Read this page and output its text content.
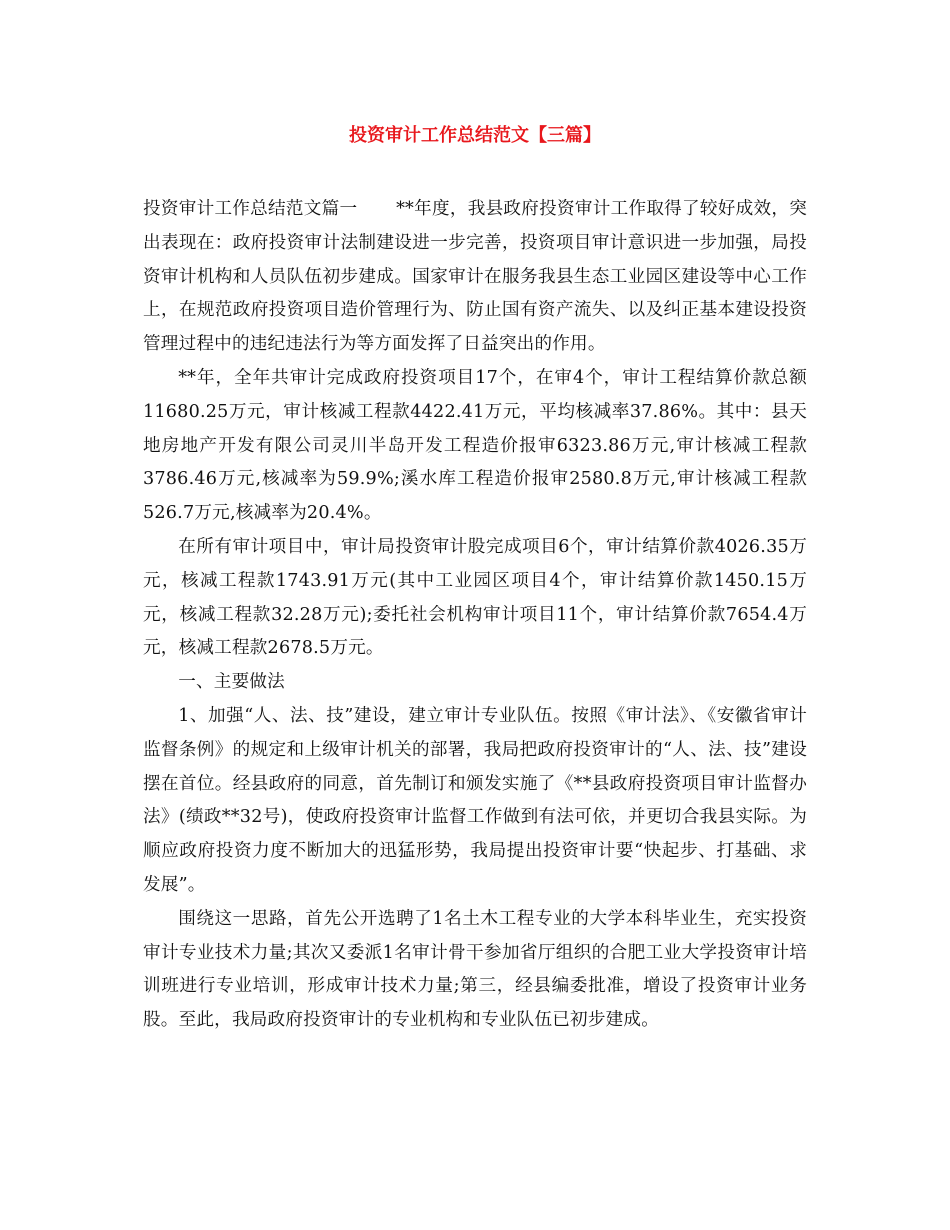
投资审计工作总结范文【三篇】

投资审计工作总结范文篇一 **年度，我县政府投资审计工作取得了较好成效，突出表现在：政府投资审计法制建设进一步完善，投资项目审计意识进一步加强，局投资审计机构和人员队伍初步建成。国家审计在服务我县生态工业园区建设等中心工作上，在规范政府投资项目造价管理行为、防止国有资产流失、以及纠正基本建设投资管理过程中的违纪违法行为等方面发挥了日益突出的作用。

**年，全年共审计完成政府投资项目17个，在审4个，审计工程结算价款总额11680.25万元，审计核减工程款4422.41万元，平均核减率37.86%。其中：县天地房地产开发有限公司灵川半岛开发工程造价报审6323.86万元,审计核减工程款3786.46万元,核减率为59.9%;溪水库工程造价报审2580.8万元,审计核减工程款526.7万元,核减率为20.4%。

在所有审计项目中，审计局投资审计股完成项目6个，审计结算价款4026.35万元，核减工程款1743.91万元(其中工业园区项目4个，审计结算价款1450.15万元，核减工程款32.28万元);委托社会机构审计项目11个，审计结算价款7654.4万元，核减工程款2678.5万元。

一、主要做法

1、加强“人、法、技”建设，建立审计专业队伍。按照《审计法》、《安徽省审计监督条例》的规定和上级审计机关的部署，我局把政府投资审计的“人、法、技”建设摆在首位。经县政府的同意，首先制订和颁发实施了《**县政府投资项目审计监督办法》(绩政**32号)，使政府投资审计监督工作做到有法可依，并更切合我县实际。为顺应政府投资力度不断加大的迅猛形势，我局提出投资审计要“快起步、打基础、求发展”。

围绕这一思路，首先公开选聘了1名土木工程专业的大学本科毕业生，充实投资审计专业技术力量;其次又委派1名审计骨干参加省厅组织的合肥工业大学投资审计培训班进行专业培训，形成审计技术力量;第三，经县编委批准，增设了投资审计业务股。至此，我局政府投资审计的专业机构和专业队伍已初步建成。
